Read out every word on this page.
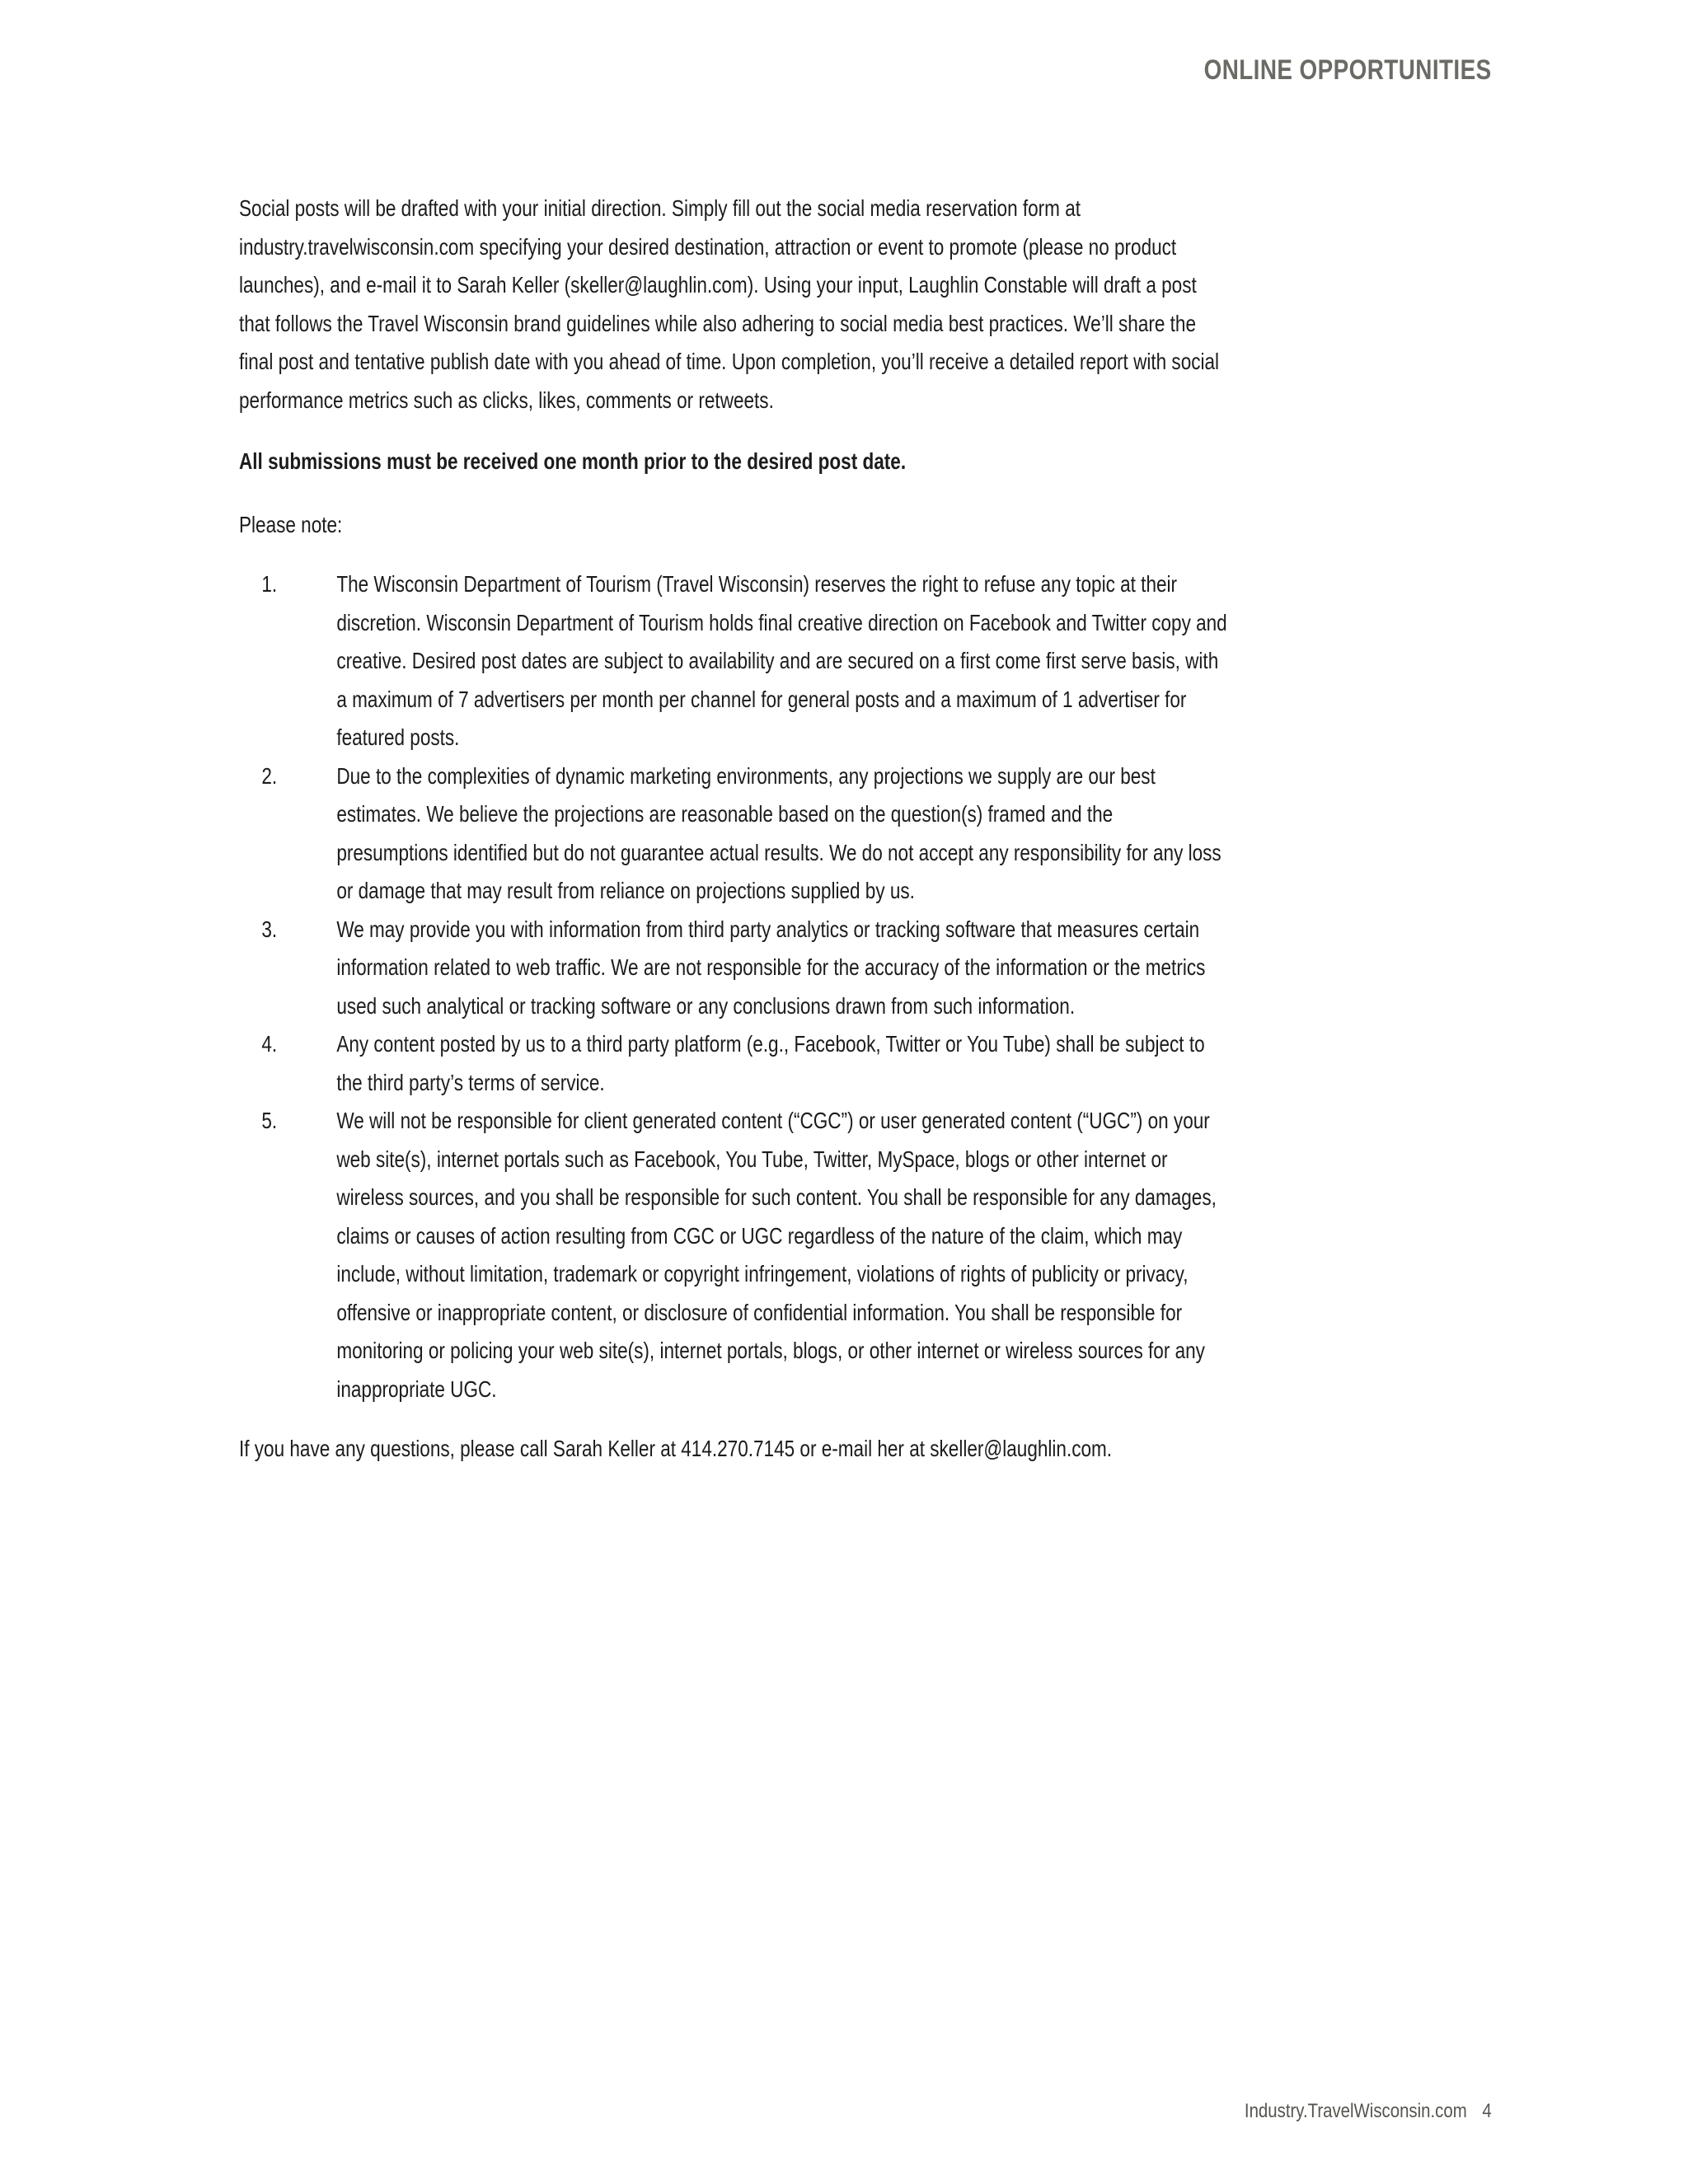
ONLINE OPPORTUNITIES

Social posts will be drafted with your initial direction. Simply fill out the social media reservation form at industry.travelwisconsin.com specifying your desired destination, attraction or event to promote (please no product launches), and e-mail it to Sarah Keller (skeller@laughlin.com). Using your input, Laughlin Constable will draft a post that follows the Travel Wisconsin brand guidelines while also adhering to social media best practices. We’ll share the final post and tentative publish date with you ahead of time. Upon completion, you’ll receive a detailed report with social performance metrics such as clicks, likes, comments or retweets.

All submissions must be received one month prior to the desired post date.

Please note:

1.	The Wisconsin Department of Tourism (Travel Wisconsin) reserves the right to refuse any topic at their discretion. Wisconsin Department of Tourism holds final creative direction on Facebook and Twitter copy and creative. Desired post dates are subject to availability and are secured on a first come first serve basis, with a maximum of 7 advertisers per month per channel for general posts and a maximum of 1 advertiser for featured posts.
2.	Due to the complexities of dynamic marketing environments, any projections we supply are our best estimates. We believe the projections are reasonable based on the question(s) framed and the presumptions identified but do not guarantee actual results. We do not accept any responsibility for any loss or damage that may result from reliance on projections supplied by us.
3.	We may provide you with information from third party analytics or tracking software that measures certain information related to web traffic. We are not responsible for the accuracy of the information or the metrics used such analytical or tracking software or any conclusions drawn from such information.
4.	Any content posted by us to a third party platform (e.g., Facebook, Twitter or You Tube) shall be subject to the third party’s terms of service.
5.	We will not be responsible for client generated content (“CGC”) or user generated content (“UGC”) on your web site(s), internet portals such as Facebook, You Tube, Twitter, MySpace, blogs or other internet or wireless sources, and you shall be responsible for such content. You shall be responsible for any damages, claims or causes of action resulting from CGC or UGC regardless of the nature of the claim, which may include, without limitation, trademark or copyright infringement, violations of rights of publicity or privacy, offensive or inappropriate content, or disclosure of confidential information. You shall be responsible for monitoring or policing your web site(s), internet portals, blogs, or other internet or wireless sources for any inappropriate UGC.

If you have any questions, please call Sarah Keller at 414.270.7145 or e-mail her at skeller@laughlin.com.

Industry.TravelWisconsin.com 4
